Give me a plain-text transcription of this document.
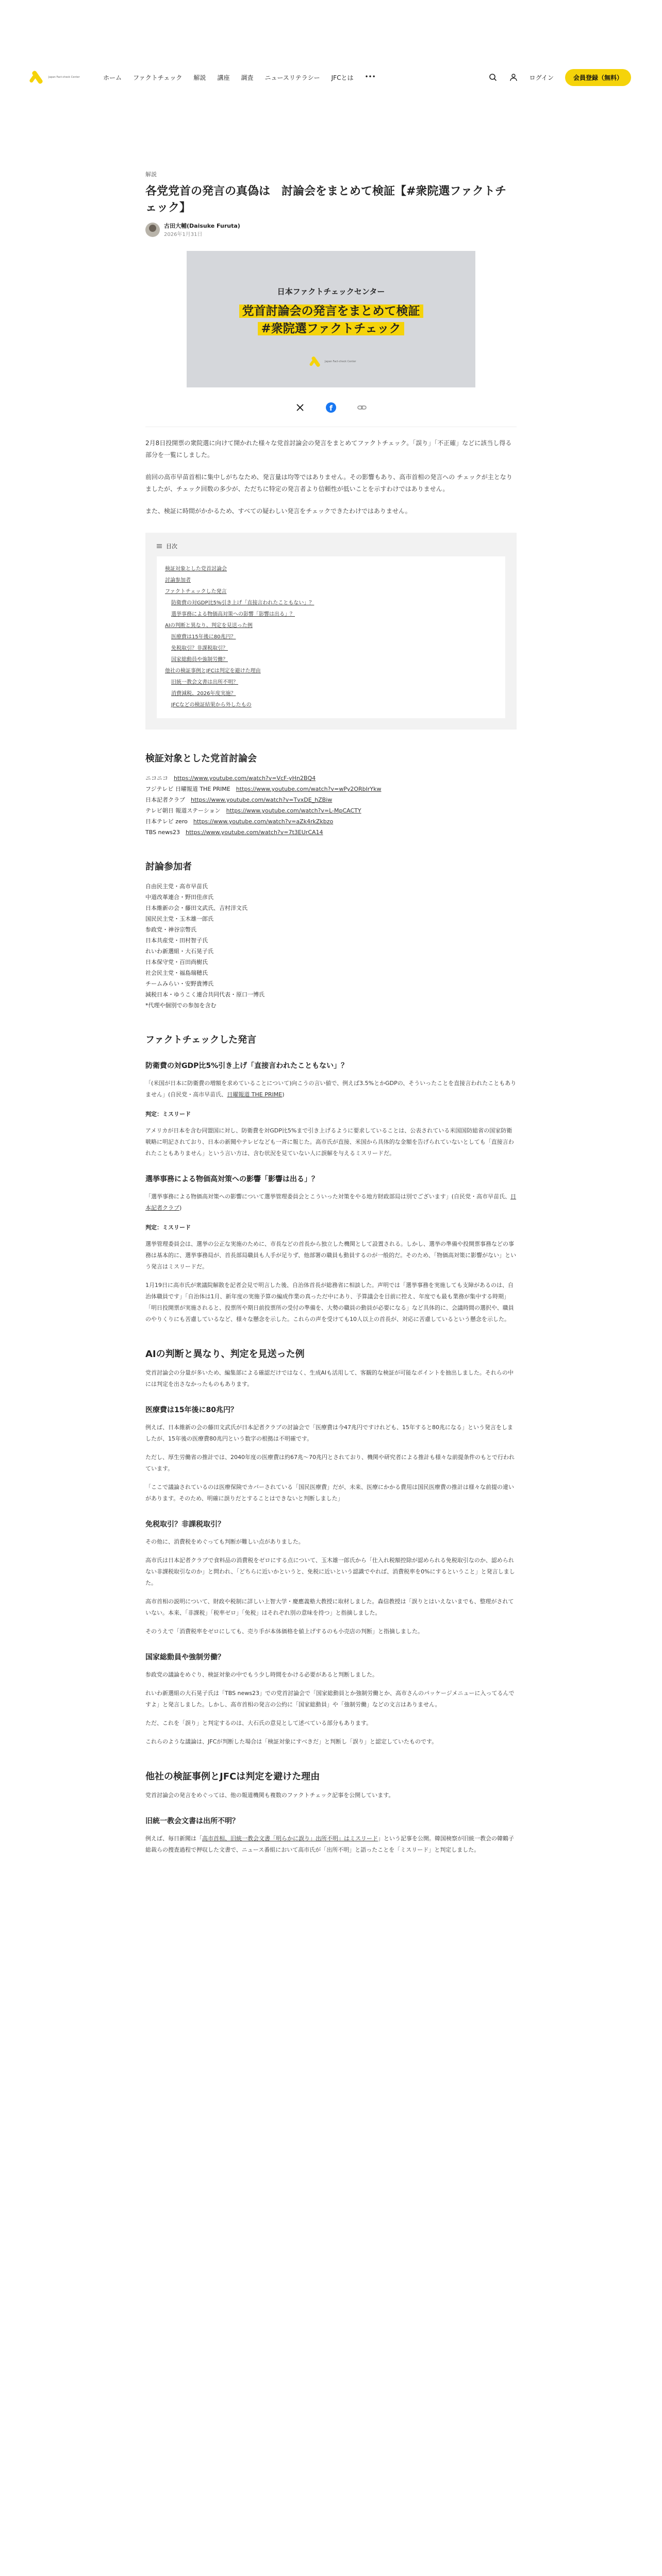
Japan Fact-check Center	ホーム ファクトチェック 解説 講座 調査 ニュースリテラシー JFCとは •••	ログイン	会員登録（無料）
解説
各党党首の発言の真偽は　討論会をまとめて検証【#衆院選ファクトチェック】
古田大輔(Daisuke Furuta)
2026年1月31日
日本ファクトチェックセンター
党首討論会の発言をまとめて検証
#衆院選ファクトチェック
Japan Fact-check Center
f

2月8日投開票の衆院選に向けて開かれた様々な党首討論会の発言をまとめてファクトチェック。「誤り」「不正確」などに該当し得る部分を一覧にしました。

前回の高市早苗首相に集中しがちなため、発言量は均等ではありません。その影響もあり、高市首相の発言への チェックが主となりましたが、チェック回数の多少が、ただちに特定の発言者より信頼性が低いことを示すわけではありません。

また、検証に時間がかかるため、すべての疑わしい発言をチェックできたわけではありません。

目次
検証対象とした党首討論会
討論参加者
ファクトチェックした発言
防衛費の対GDP比5%引き上げ「直接言われたこともない」？
選挙事務による物価高対策への影響「影響は出る」？
AIの判断と異なり、判定を見送った例
医療費は15年後に80兆円？
免税取引？非課税取引？
国家総動員や強制労働？
他社の検証事例とJFCは判定を避けた理由
旧統一教会文書は出所不明？
消費減税、2026年度実施？
JFCなどの検証結果から外したもの
検証対象とした党首討論会
ニコニコ　 https://www.youtube.com/watch?v=VcF-yHn2BQ4
フジテレビ 日曜報道 THE PRIME　 https://www.youtube.com/watch?v=wPy2ORbIrYkw
日本記者クラブ　 https://www.youtube.com/watch?v=TvxDE_hZBiw
テレビ朝日 報道ステーション　 https://www.youtube.com/watch?v=L-MpCACTY
日本テレビ zero　 https://www.youtube.com/watch?v=aZk4rkZkbzo
TBS news23　 https://www.youtube.com/watch?v=7t3EUrCA14
討論参加者
自由民主党・高市早苗氏
中道改革連合・野田佳彦氏
日本維新の会・藤田文武氏、吉村洋文氏
国民民主党・玉木雄一郎氏
参政党・神谷宗幣氏
日本共産党・田村智子氏
れいわ新選組・大石晃子氏
日本保守党・百田尚樹氏
社会民主党・福島瑞穂氏
チームみらい・安野貴博氏
減税日本・ゆうこく連合共同代表・原口一博氏
*代理や個別での参加を含む
ファクトチェックした発言
防衛費の対GDP比5%引き上げ「直接言われたこともない」？

「(米国が日本に防衛費の増額を求めていることについて)向こうの言い値で、例えば3.5%とかGDPの、そういったことを直接言われたこともありません」(自民党・高市早苗氏、日曜報道 THE PRIME)

判定：ミスリード

アメリカが日本を含む同盟国に対し、防衛費を対GDP比5%まで引き上げるように要求していることは、公表されている米国国防総省の国家防衛戦略に明記されており、日本の新聞やテレビなども一斉に報じた。高市氏が直接、米国から具体的な金額を告げられていないとしても「直接言われたこともありません」という言い方は、含む状況を見ていない人に誤解を与えるミスリードだ。

選挙事務による物価高対策への影響「影響は出る」？

「選挙事務による物価高対策への影響について選挙管理委員会とこういった対策をやる地方財政部局は別でございます」(自民党・高市早苗氏、日本記者クラブ)

判定：ミスリード

選挙管理委員会は、選挙の公正な実施のために、市長などの首長から独立した機関として設置される。しかし、選挙の準備や投開票事務などの事務は基本的に、選挙事務局が、首長部局職員も人手が足りず、他部署の職員も動員するのが一般的だ。そのため、「物価高対策に影響がない」という発言はミスリードだ。

1月19日に高市氏が衆議院解散を記者会見で明言した後、自治体首長が総務省に相談した。声明では「選挙事務を実施しても支障があるのは、自治体職員です」「自治体は1月、新年度の実施予算の編成作業の真っただ中にあり、予算議会を目前に控え、年度でも最も業務が集中する時期」「明日投開票が実施されると、投票所や期日前投票所の受付の準備を、大勢の職員の動員が必要になる」など具体的に、会議時間の選択や、職員のやりくりにも苦慮しているなど、様々な懸念を示した。これらの声を受けても10人以上の首長が、対応に苦慮しているという懸念を示した。

AIの判断と異なり、判定を見送った例

党首討論会の分量が多いため、編集部による確認だけではなく、生成AIも活用して、客観的な検証が可能なポイントを抽出しました。それらの中には判定を出さなかったものもあります。

医療費は15年後に80兆円？

例えば、日本維新の会の藤田文武氏が日本記者クラブの討論会で「医療費は今47兆円ですけれども、15年すると80兆になる」という発言をしましたが、15年後の医療費80兆円という数字の根拠は不明確です。

ただし、厚生労働省の推計では、2040年度の医療費は約67兆〜70兆円とされており、機関や研究者による推計も様々な前提条件のもとで行われています。

「ここで議論されているのは医療保険でカバーされている「国民医療費」だが、未来、医療にかかる費用は国民医療費の推計は様々な前提の違いがあります。そのため、明確に誤りだとすることはできないと判断しました」

免税取引？非課税取引？

その他に、消費税をめぐっても判断が難しい点がありました。

高市氏は日本記者クラブで食料品の消費税をゼロにする点について、玉木雄一郎氏から「仕入れ税額控除が認められる免税取引なのか、認められない非課税取引なのか」と問われ、「どちらに近いかというと、免税に近いという認識でやれば、消費税率を0%にするということ」と発言しました。

高市首相の説明について、財政や税制に詳しい上智大学・慶應義塾大教授に取材しました。森信教授は「誤りとはいえないまでも、整理がされていない。本来、「非課税」「税率ゼロ」「免税」はそれぞれ別の意味を持つ」と指摘しました。

そのうえで「消費税率をゼロにしても、売り手が本体価格を値上げするのも小売店の判断」と指摘しました。

国家総動員や強制労働？

参政党の議論をめぐり、検証対象の中でもう少し時間をかける必要があると判断しました。

れいわ新選組の大石晃子氏は「TBS news23」での党首討論会で「国家総動員とか強制労働とか、高市さんのパッケージメニューに入ってるんですよ」と発言しました。しかし、高市首相の発言の公約に「国家総動員」や「強制労働」などの文言はありません。

ただ、これを「誤り」と判定するのは、大石氏の意見として述べている部分もあります。

これらのような議論は、JFCが判断した場合は「検証対象にすべきだ」と判断し「誤り」と認定していたものです。

他社の検証事例とJFCは判定を避けた理由

党首討論会の発言をめぐっては、他の報道機関も複数のファクトチェック記事を公開しています。

旧統一教会文書は出所不明？

例えば、毎日新聞は「高市首相、旧統一教会文書「明らかに誤り」出所不明」はミスリード」という記事を公開。韓国検察が旧統一教会の韓鶴子総裁らの捜査過程で押収した文書で、ニュース番組において高市氏が「出所不明」と語ったことを「ミスリード」と判定しました。
